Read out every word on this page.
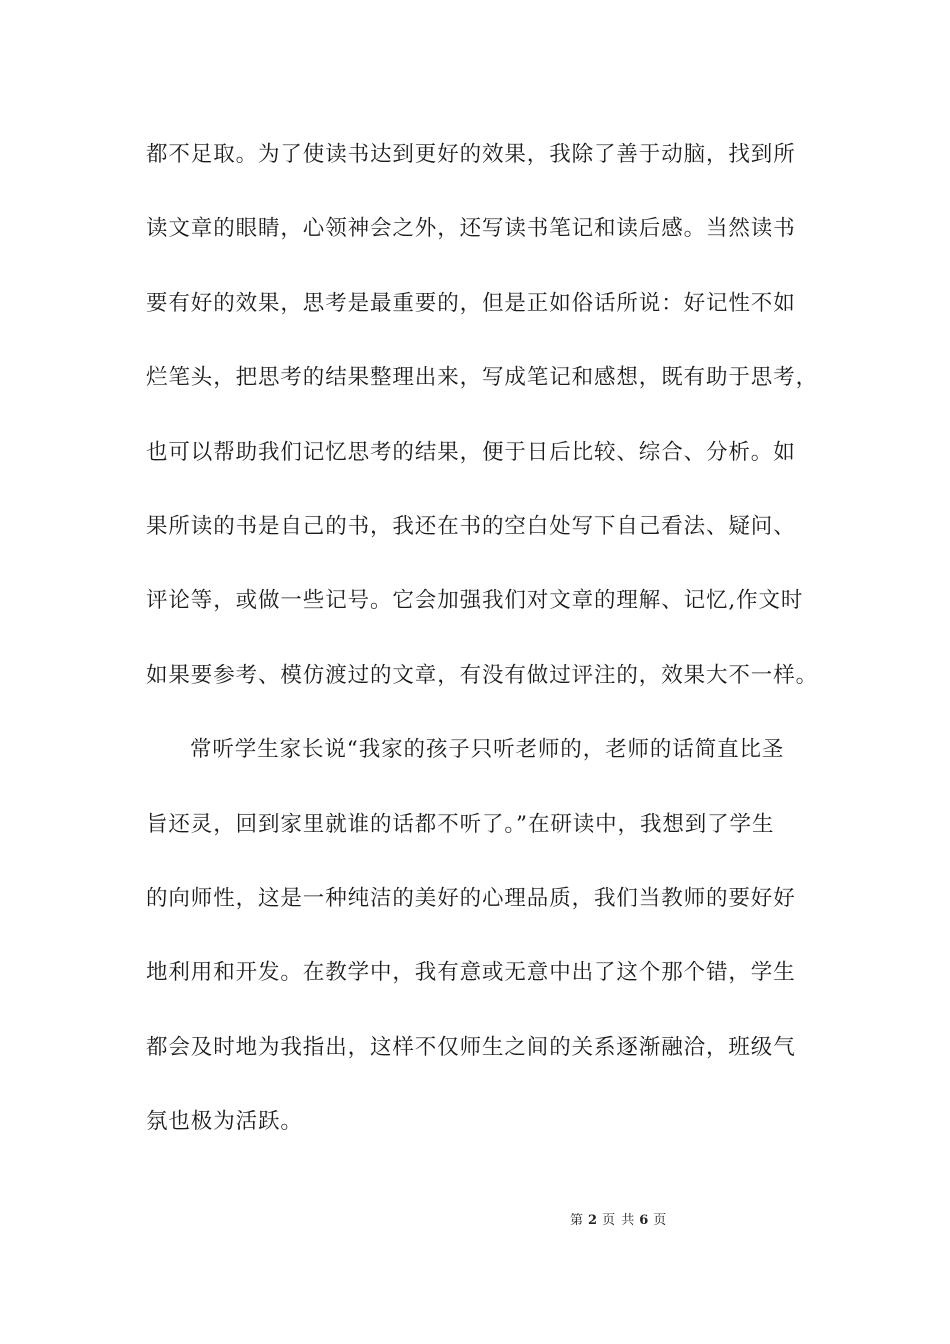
都不足取。为了使读书达到更好的效果，我除了善于动脑，找到所
读文章的眼睛，心领神会之外，还写读书笔记和读后感。当然读书
要有好的效果，思考是最重要的，但是正如俗话所说：好记性不如
烂笔头，把思考的结果整理出来，写成笔记和感想，既有助于思考，
也可以帮助我们记忆思考的结果，便于日后比较、综合、分析。如
果所读的书是自己的书，我还在书的空白处写下自己看法、疑问、
评论等，或做一些记号。它会加强我们对文章的理解、记忆,作文时
如果要参考、模仿渡过的文章，有没有做过评注的，效果大不一样。
常听学生家长说“我家的孩子只听老师的，老师的话简直比圣
旨还灵，回到家里就谁的话都不听了。”在研读中，我想到了学生
的向师性，这是一种纯洁的美好的心理品质，我们当教师的要好好
地利用和开发。在教学中，我有意或无意中出了这个那个错，学生
都会及时地为我指出，这样不仅师生之间的关系逐渐融洽，班级气
氛也极为活跃。
第 2 页 共 6 页
